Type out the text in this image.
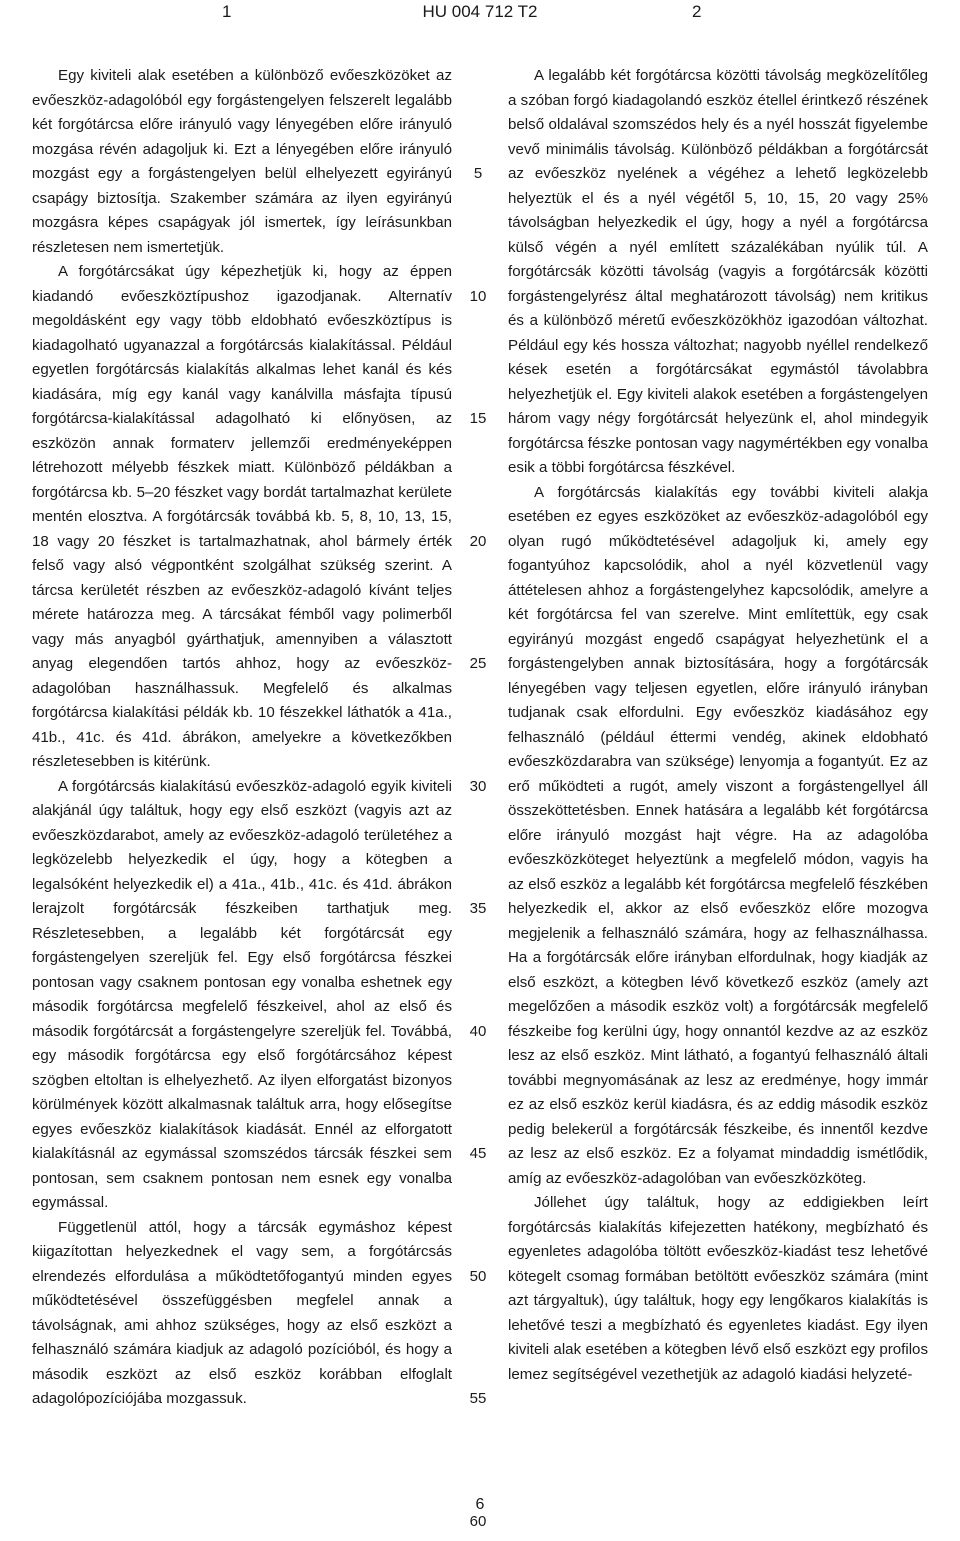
1	HU 004 712 T2	2

Egy kiviteli alak esetében a különböző evőeszközöket az evőeszköz-adagolóból egy forgástengelyen felszerelt legalább két forgótárcsa előre irányuló vagy lényegében előre irányuló mozgása révén adagoljuk ki. Ezt a lényegében előre irányuló mozgást egy a forgástengelyen belül elhelyezett egyirányú csapágy biztosítja. Szakember számára az ilyen egyirányú mozgásra képes csapágyak jól ismertek, így leírásunkban részletesen nem ismertetjük.

A forgótárcsákat úgy képezhetjük ki, hogy az éppen kiadandó evőeszköztípushoz igazodjanak. Alternatív megoldásként egy vagy több eldobható evőeszköztípus is kiadagolható ugyanazzal a forgótárcsás kialakítással. Például egyetlen forgótárcsás kialakítás alkalmas lehet kanál és kés kiadására, míg egy kanál vagy kanálvilla másfajta típusú forgótárcsa-kialakítással adagolható ki előnyösen, az eszközön annak formaterv jellemzői eredményeképpen létrehozott mélyebb fészkek miatt. Különböző példákban a forgótárcsa kb. 5–20 fészket vagy bordát tartalmazhat kerülete mentén elosztva. A forgótárcsák továbbá kb. 5, 8, 10, 13, 15, 18 vagy 20 fészket is tartalmazhatnak, ahol bármely érték felső vagy alsó végpontként szolgálhat szükség szerint. A tárcsa kerületét részben az evőeszköz-adagoló kívánt teljes mérete határozza meg. A tárcsákat fémből vagy polimerből vagy más anyagból gyárthatjuk, amennyiben a választott anyag elegendően tartós ahhoz, hogy az evőeszköz-adagolóban használhassuk. Megfelelő és alkalmas forgótárcsa kialakítási példák kb. 10 fészekkel láthatók a 41a., 41b., 41c. és 41d. ábrákon, amelyekre a következőkben részletesebben is kitérünk.

A forgótárcsás kialakítású evőeszköz-adagoló egyik kiviteli alakjánál úgy találtuk, hogy egy első eszközt (vagyis azt az evőeszközdarabot, amely az evőeszköz-adagoló területéhez a legközelebb helyezkedik el úgy, hogy a kötegben a legalsóként helyezkedik el) a 41a., 41b., 41c. és 41d. ábrákon lerajzolt forgótárcsák fészkeiben tarthatjuk meg. Részletesebben, a legalább két forgótárcsát egy forgástengelyen szereljük fel. Egy első forgótárcsa fészkei pontosan vagy csaknem pontosan egy vonalba eshetnek egy második forgótárcsa megfelelő fészkeivel, ahol az első és második forgótárcsát a forgástengelyre szereljük fel. Továbbá, egy második forgótárcsa egy első forgótárcsához képest szögben eltoltan is elhelyezhető. Az ilyen elforgatást bizonyos körülmények között alkalmasnak találtuk arra, hogy elősegítse egyes evőeszköz kialakítások kiadását. Ennél az elforgatott kialakításnál az egymással szomszédos tárcsák fészkei sem pontosan, sem csaknem pontosan nem esnek egy vonalba egymással.

Függetlenül attól, hogy a tárcsák egymáshoz képest kiigazítottan helyezkednek el vagy sem, a forgótárcsás elrendezés elfordulása a működtetőfogantyú minden egyes működtetésével összefüggésben megfelel annak a távolságnak, ami ahhoz szükséges, hogy az első eszközt a felhasználó számára kiadjuk az adagoló pozícióból, és hogy a második eszközt az első eszköz korábban elfoglalt adagolópozíciójába mozgassuk.

5
10
15
20
25
30
35
40
45
50
55
60

A legalább két forgótárcsa közötti távolság megközelítőleg a szóban forgó kiadagolandó eszköz étellel érintkező részének belső oldalával szomszédos hely és a nyél hosszát figyelembe vevő minimális távolság. Különböző példákban a forgótárcsát az evőeszköz nyelének a végéhez a lehető legközelebb helyeztük el és a nyél végétől 5, 10, 15, 20 vagy 25% távolságban helyezkedik el úgy, hogy a nyél a forgótárcsa külső végén a nyél említett százalékában nyúlik túl. A forgótárcsák közötti távolság (vagyis a forgótárcsák közötti forgástengelyrész által meghatározott távolság) nem kritikus és a különböző méretű evőeszközökhöz igazodóan változhat. Például egy kés hossza változhat; nagyobb nyéllel rendelkező kések esetén a forgótárcsákat egymástól távolabbra helyezhetjük el. Egy kiviteli alakok esetében a forgástengelyen három vagy négy forgótárcsát helyezünk el, ahol mindegyik forgótárcsa fészke pontosan vagy nagymértékben egy vonalba esik a többi forgótárcsa fészkével.

A forgótárcsás kialakítás egy további kiviteli alakja esetében ez egyes eszközöket az evőeszköz-adagolóból egy olyan rugó működtetésével adagoljuk ki, amely egy fogantyúhoz kapcsolódik, ahol a nyél közvetlenül vagy áttételesen ahhoz a forgástengelyhez kapcsolódik, amelyre a két forgótárcsa fel van szerelve. Mint említettük, egy csak egyirányú mozgást engedő csapágyat helyezhetünk el a forgástengelyben annak biztosítására, hogy a forgótárcsák lényegében vagy teljesen egyetlen, előre irányuló irányban tudjanak csak elfordulni. Egy evőeszköz kiadásához egy felhasználó (például éttermi vendég, akinek eldobható evőeszközdarabra van szüksége) lenyomja a fogantyút. Ez az erő működteti a rugót, amely viszont a forgástengellyel áll összeköttetésben. Ennek hatására a legalább két forgótárcsa előre irányuló mozgást hajt végre. Ha az adagolóba evőeszközköteget helyeztünk a megfelelő módon, vagyis ha az első eszköz a legalább két forgótárcsa megfelelő fészkében helyezkedik el, akkor az első evőeszköz előre mozogva megjelenik a felhasználó számára, hogy az felhasználhassa. Ha a forgótárcsák előre irányban elfordulnak, hogy kiadják az első eszközt, a kötegben lévő következő eszköz (amely azt megelőzően a második eszköz volt) a forgótárcsák megfelelő fészkeibe fog kerülni úgy, hogy onnantól kezdve az az eszköz lesz az első eszköz. Mint látható, a fogantyú felhasználó általi további megnyomásának az lesz az eredménye, hogy immár ez az első eszköz kerül kiadásra, és az eddig második eszköz pedig belekerül a forgótárcsák fészkeibe, és innentől kezdve az lesz az első eszköz. Ez a folyamat mindaddig ismétlődik, amíg az evőeszköz-adagolóban van evőeszközköteg.

Jóllehet úgy találtuk, hogy az eddigiekben leírt forgótárcsás kialakítás kifejezetten hatékony, megbízható és egyenletes adagolóba töltött evőeszköz-kiadást tesz lehetővé kötegelt csomag formában betöltött evőeszköz számára (mint azt tárgyaltuk), úgy találtuk, hogy egy lengőkaros kialakítás is lehetővé teszi a megbízható és egyenletes kiadást. Egy ilyen kiviteli alak esetében a kötegben lévő első eszközt egy profilos lemez segítségével vezethetjük az adagoló kiadási helyzeté-

6
